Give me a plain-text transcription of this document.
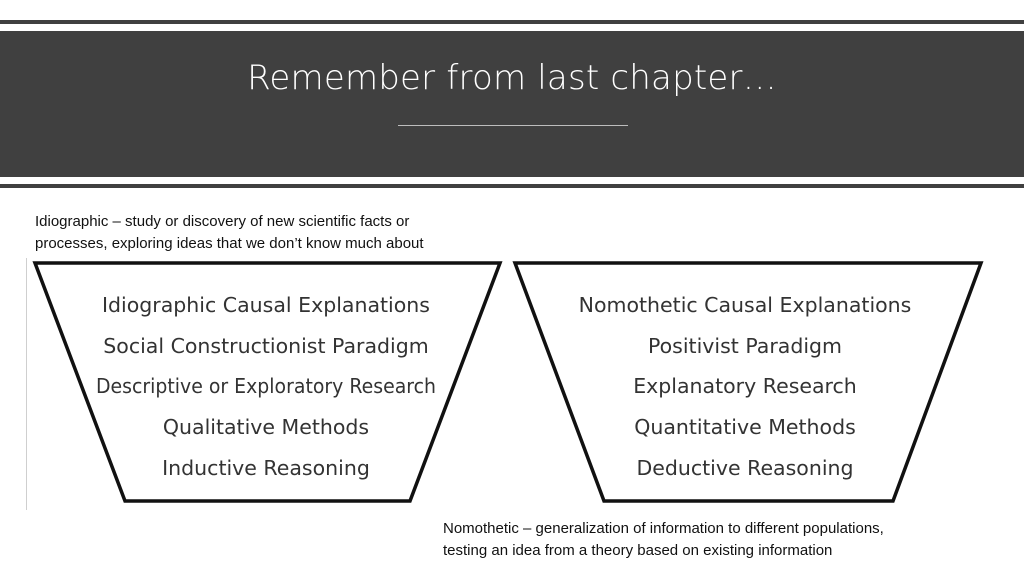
Remember from last chapter…
Idiographic – study or discovery of new scientific facts or
processes, exploring ideas that we don’t know much about
Idiographic Causal Explanations
Social Constructionist Paradigm
Descriptive or Exploratory Research
Qualitative Methods
Inductive Reasoning
Nomothetic Causal Explanations
Positivist Paradigm
Explanatory Research
Quantitative Methods
Deductive Reasoning
Nomothetic – generalization of information to different populations,
testing an idea from a theory based on existing information
